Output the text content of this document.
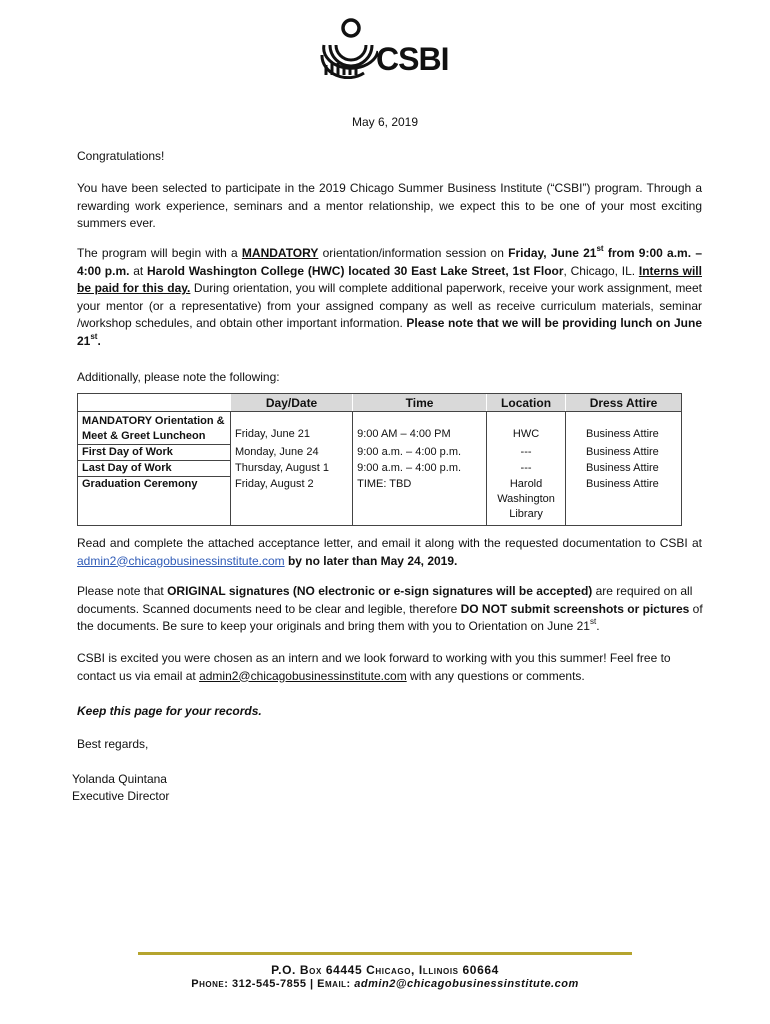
CSBI
May 6, 2019

Congratulations!

You have been selected to participate in the 2019 Chicago Summer Business Institute (“CSBI”) program. Through a rewarding work experience, seminars and a mentor relationship, we expect this to be one of your most exciting summers ever.

The program will begin with a MANDATORY orientation/information session on Friday, June 21st from 9:00 a.m. – 4:00 p.m. at Harold Washington College (HWC) located 30 East Lake Street, 1st Floor, Chicago, IL. Interns will be paid for this day. During orientation, you will complete additional paperwork, receive your work assignment, meet your mentor (or a representative) from your assigned company as well as receive curriculum materials, seminar /workshop schedules, and obtain other important information. Please note that we will be providing lunch on June 21st.

Additionally, please note the following:

	Day/Date	Time	Location	Dress Attire
MANDATORY Orientation & Meet & Greet Luncheon	Friday, June 21	9:00 AM – 4:00 PM	HWC	Business Attire
First Day of Work	Monday, June 24	9:00 a.m. – 4:00 p.m.	---	Business Attire
Last Day of Work	Thursday, August 1	9:00 a.m. – 4:00 p.m.	---	Business Attire
Graduation Ceremony	Friday, August 2	TIME: TBD	Harold Washington Library	Business Attire

Read and complete the attached acceptance letter, and email it along with the requested documentation to CSBI at admin2@chicagobusinessinstitute.com by no later than May 24, 2019.

Please note that ORIGINAL signatures (NO electronic or e-sign signatures will be accepted) are required on all documents. Scanned documents need to be clear and legible, therefore DO NOT submit screenshots or pictures of the documents. Be sure to keep your originals and bring them with you to Orientation on June 21st.

CSBI is excited you were chosen as an intern and we look forward to working with you this summer! Feel free to contact us via email at admin2@chicagobusinessinstitute.com with any questions or comments.

Keep this page for your records.

Best regards,

Yolanda Quintana

Executive Director

P.O. Box 64445 Chicago, Illinois 60664
Phone: 312-545-7855 | Email: admin2@chicagobusinessinstitute.com
